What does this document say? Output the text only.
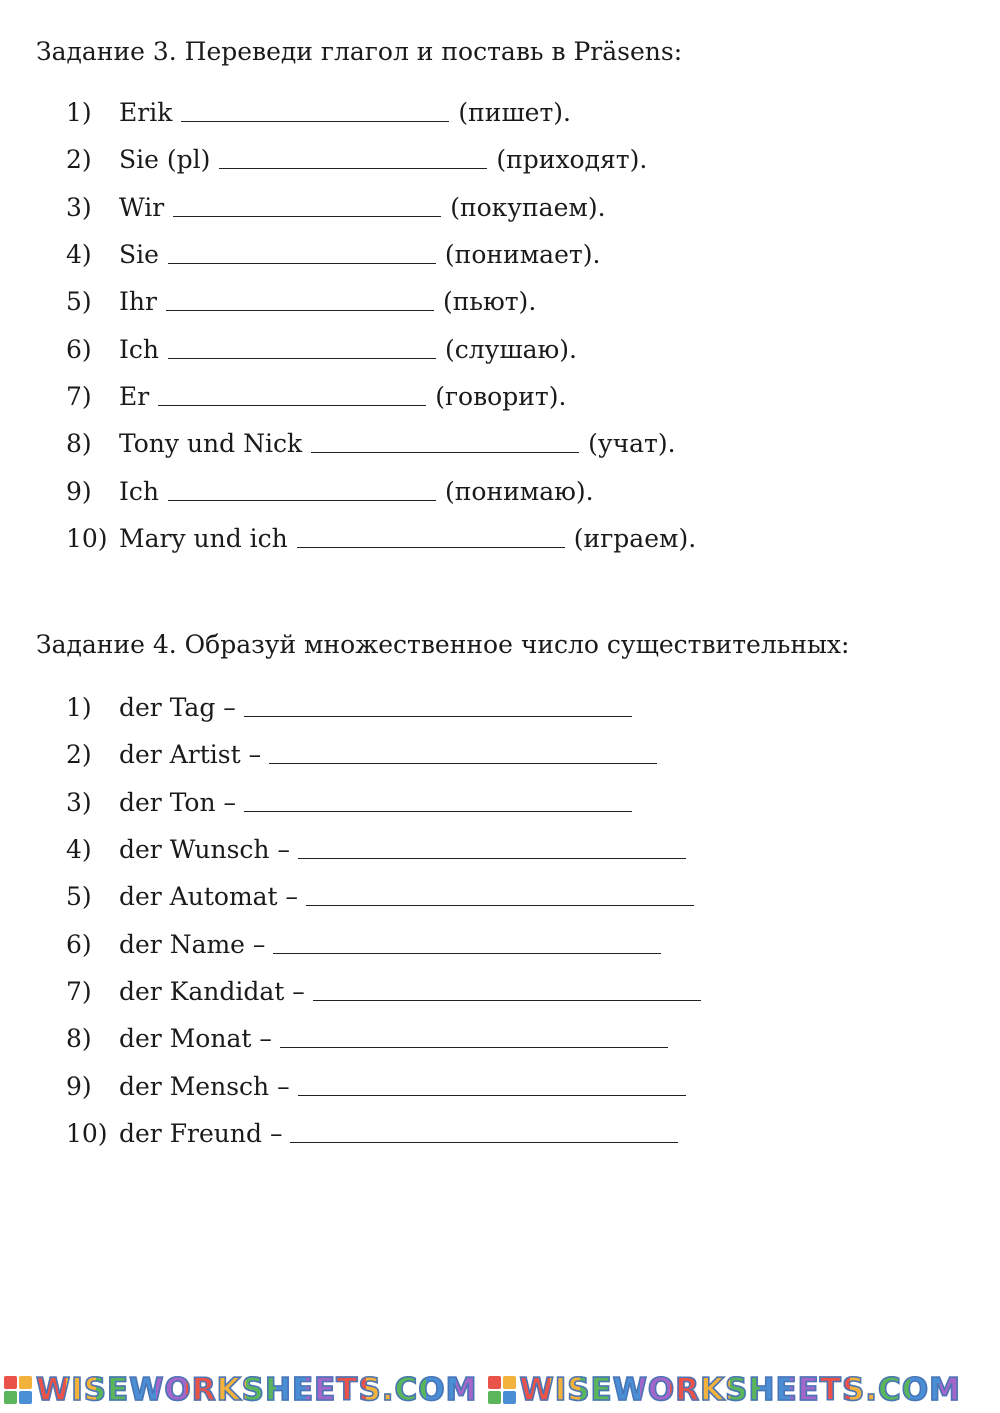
Задание 3. Переведи глагол и поставь в Präsens:
1)	Erik	(пишет).
2)	Sie (pl)	(приходят).
3)	Wir	(покупаем).
4)	Sie	(понимает).
5)	Ihr	(пьют).
6)	Ich	(слушаю).
7)	Er	(говорит).
8)	Tony und Nick	(учат).
9)	Ich	(понимаю).
10) Mary und ich	(играем).
Задание 4. Образуй множественное число существительных:
1)	der Tag –
2)	der Artist –
3)	der Ton –
4)	der Wunsch –
5)	der Automat –
6)	der Name –
7)	der Kandidat –
8)	der Monat –
9)	der Mensch –
10) der Freund –
WISEWORKSHEETS.COM WISEWORKSHEETS.COM
